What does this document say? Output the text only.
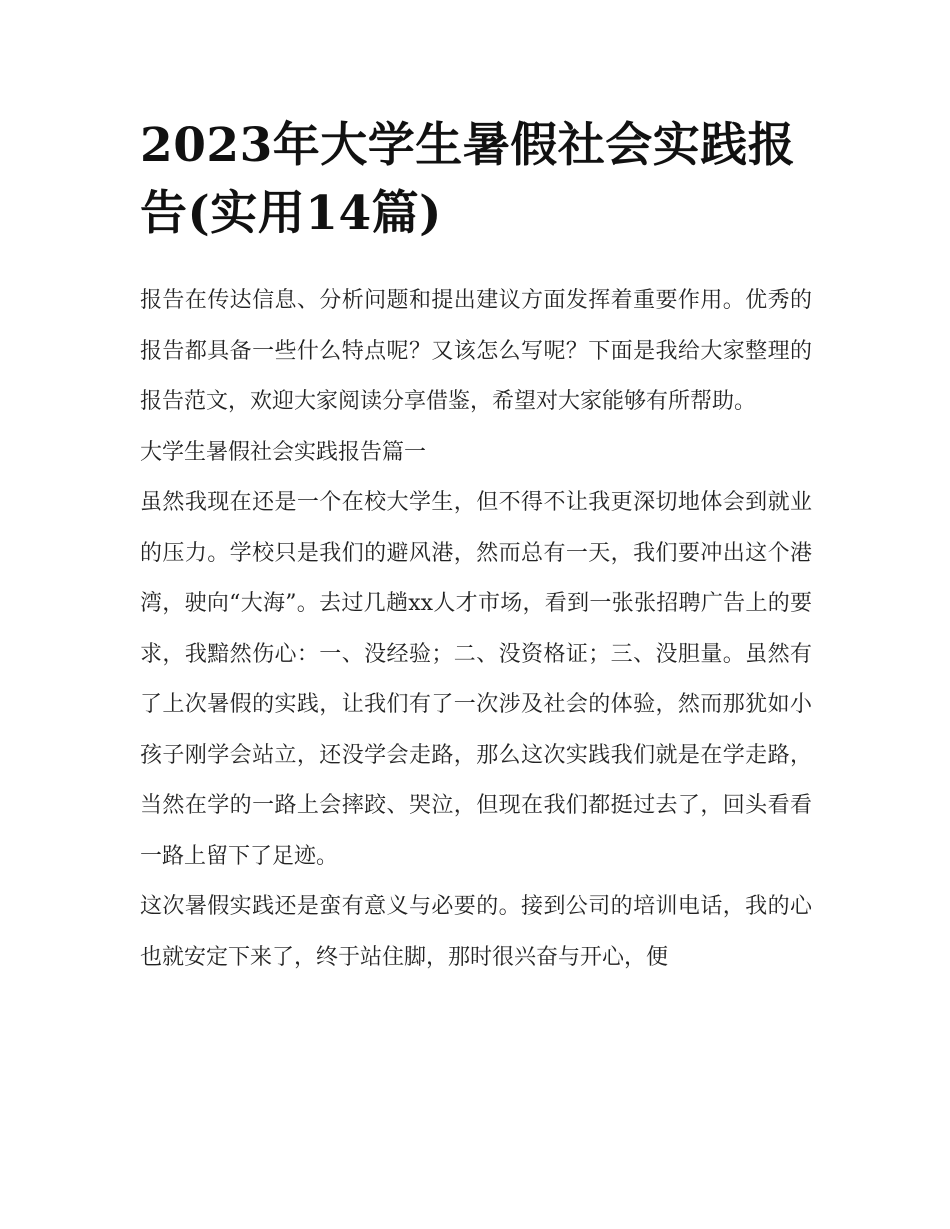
2023年大学生暑假社会实践报告(实用14篇)

报告在传达信息、分析问题和提出建议方面发挥着重要作用。优秀的报告都具备一些什么特点呢？又该怎么写呢？下面是我给大家整理的报告范文，欢迎大家阅读分享借鉴，希望对大家能够有所帮助。

大学生暑假社会实践报告篇一

虽然我现在还是一个在校大学生，但不得不让我更深切地体会到就业的压力。学校只是我们的避风港，然而总有一天，我们要冲出这个港湾，驶向“大海”。去过几趟xx人才市场，看到一张张招聘广告上的要求，我黯然伤心：一、没经验；二、没资格证；三、没胆量。虽然有了上次暑假的实践，让我们有了一次涉及社会的体验，然而那犹如小孩子刚学会站立，还没学会走路，那么这次实践我们就是在学走路，当然在学的一路上会摔跤、哭泣，但现在我们都挺过去了，回头看看一路上留下了足迹。

这次暑假实践还是蛮有意义与必要的。接到公司的培训电话，我的心也就安定下来了，终于站住脚，那时很兴奋与开心，便
